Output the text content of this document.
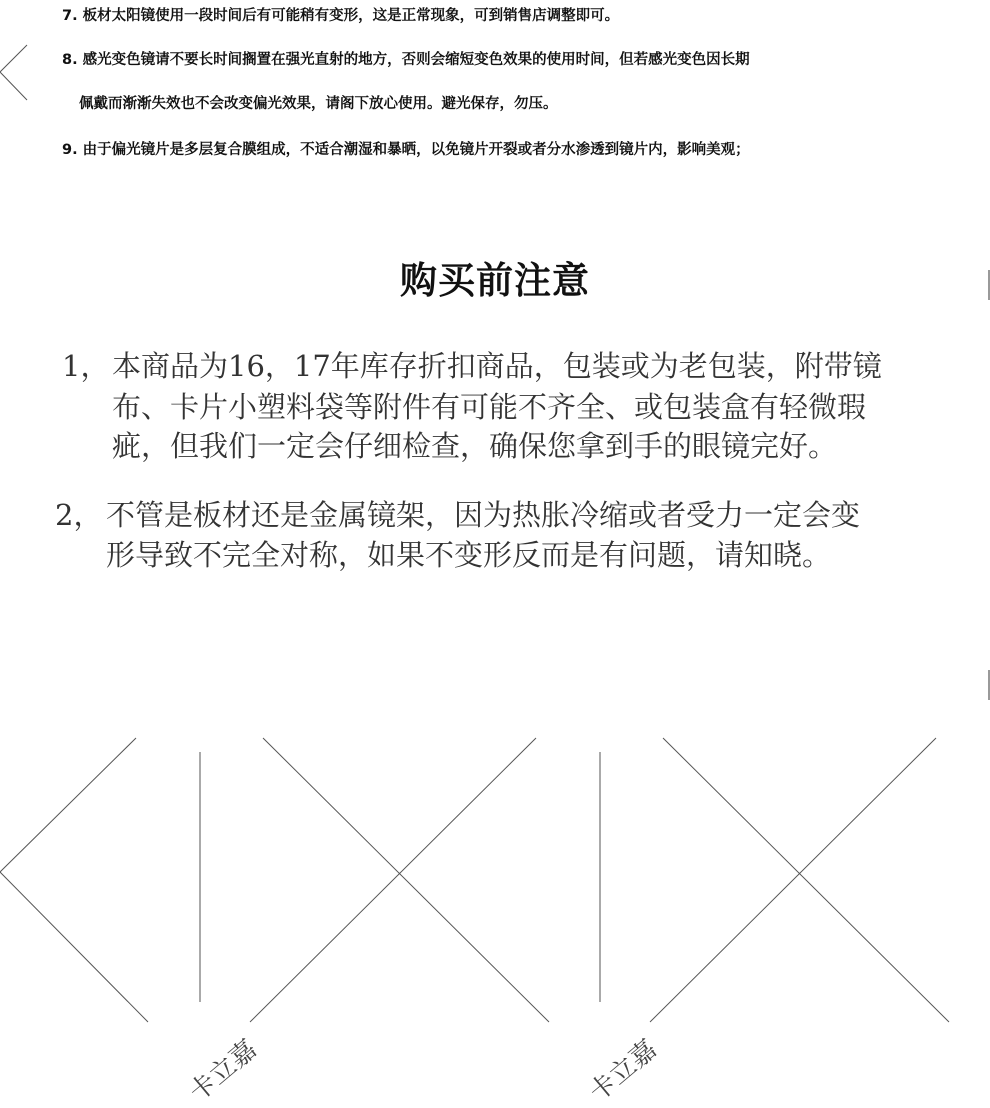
7. 板材太阳镜使用一段时间后有可能稍有变形，这是正常现象，可到销售店调整即可。
8. 感光变色镜请不要长时间搁置在强光直射的地方，否则会缩短变色效果的使用时间，但若感光变色因长期
佩戴而渐渐失效也不会改变偏光效果，请阁下放心使用。避光保存，勿压。
9. 由于偏光镜片是多层复合膜组成，不适合潮湿和暴晒，以免镜片开裂或者分水渗透到镜片内，影响美观；
购买前注意
1， 本商品为16，17年库存折扣商品，包装或为老包装，附带镜
布、卡片小塑料袋等附件有可能不齐全、或包装盒有轻微瑕
疵，但我们一定会仔细检查，确保您拿到手的眼镜完好。
2， 不管是板材还是金属镜架，因为热胀冷缩或者受力一定会变
形导致不完全对称，如果不变形反而是有问题，请知晓。
卡立嘉	卡立嘉
